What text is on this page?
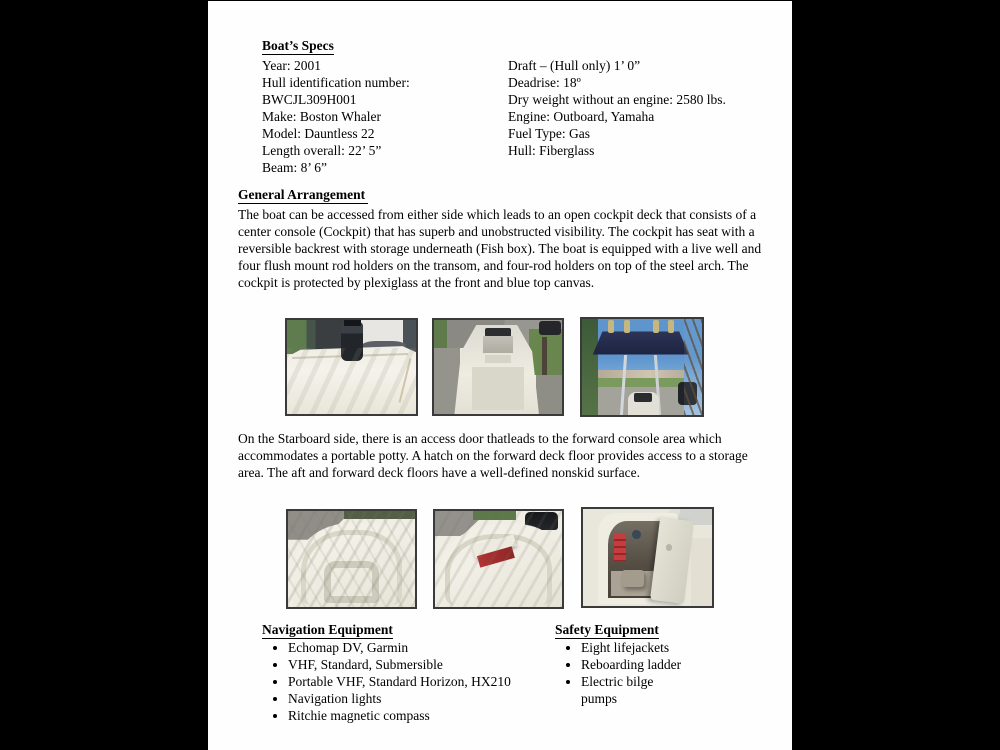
Boat’s Specs
Year: 2001
Hull identification number:
BWCJL309H001
Make: Boston Whaler
Model: Dauntless 22
Length overall: 22’ 5”
Beam: 8’ 6”
Draft – (Hull only) 1’ 0”
Deadrise: 18º
Dry weight without an engine: 2580 lbs.
Engine: Outboard, Yamaha
Fuel Type: Gas
Hull: Fiberglass
General Arrangement
The boat can be accessed from either side which leads to an open cockpit deck that consists of a center console (Cockpit) that has superb and unobstructed visibility. The cockpit has seat with a reversible backrest with storage underneath (Fish box). The boat is equipped with a live well and four flush mount rod holders on the transom, and four-rod holders on top of the steel arch. The cockpit is protected by plexiglass at the front and blue top canvas.
On the Starboard side, there is an access door thatleads to the forward console area which accommodates a portable potty. A hatch on the forward deck floor provides access to a storage area. The aft and forward deck floors have a well-defined nonskid surface.
Navigation Equipment
• Echomap DV, Garmin
• VHF, Standard, Submersible
• Portable VHF, Standard Horizon, HX210
• Navigation lights
• Ritchie magnetic compass
Safety Equipment
• Eight lifejackets
• Reboarding ladder
• Electric bilge pumps
